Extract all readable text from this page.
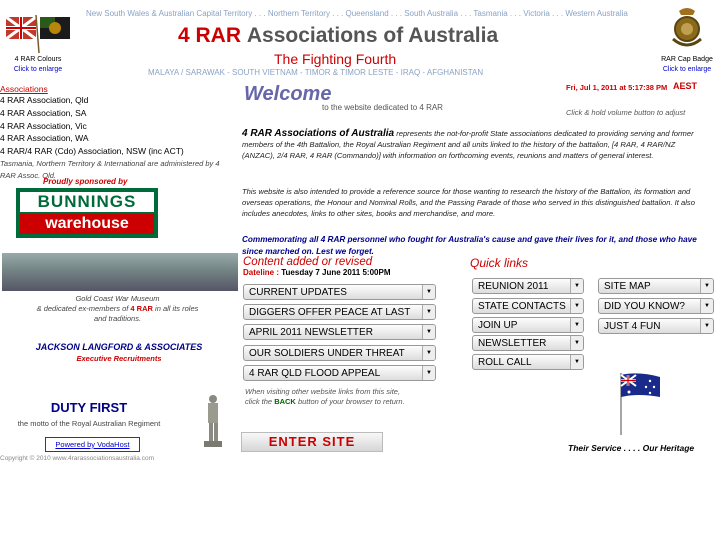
New South Wales & Australian Capital Territory . . . Northern Territory . . . Queensland . . . South Australia . . . Tasmania . . . Victoria . . . Western Australia
4 RAR Colours
Click to enlarge
4 RAR Associations of Australia
The Fighting Fourth
MALAYA / SARAWAK - SOUTH VIETNAM - TIMOR & TIMOR LESTE - IRAQ - AFGHANISTAN
RAR Cap Badge
Click to enlarge
Associations
4 RAR Association, Qld
4 RAR Association, SA
4 RAR Association, Vic
4 RAR Association, WA
4 RAR/4 RAR (Cdo) Association, NSW (inc ACT)
Tasmania, Northern Territory & International are administered by 4 RAR Assoc. Qld.
Proudly sponsored by
BUNNINGS
warehouse
Gold Coast War Museum
& dedicated ex-members of 4 RAR in all its roles
and traditions.
JACKSON LANGFORD & ASSOCIATES
Executive Recruitments
DUTY FIRST
the motto of the Royal Australian Regiment
Powered by VodaHost
Copyright © 2010 www.4rarassociationsaustralia.com
Welcome
to the website dedicated to 4 RAR
Fri, Jul 1, 2011 at 5:17:38 PM AEST
Click & hold volume button to adjust
4 RAR Associations of Australia represents the not-for-profit State associations dedicated to providing serving and former members of the 4th Battalion, the Royal Australian Regiment and all units linked to the history of the battalion, [4 RAR, 4 RAR/NZ (ANZAC), 2/4 RAR, 4 RAR (Commando)] with information on forthcoming events, reunions and matters of general interest.
This website is also intended to provide a reference source for those wanting to research the history of the Battalion, its formation and overseas operations, the Honour and Nominal Rolls, and the Passing Parade of those who served in this distinguished battalion. It also includes anecdotes, links to other sites, books and merchandise, and more.
Commemorating all 4 RAR personnel who fought for Australia's cause and gave their lives for it, and those who have since marched on. Lest we forget.
Content added or revised
Dateline : Tuesday 7 June 2011 5:00PM
CURRENT UPDATES	▼
DIGGERS OFFER PEACE AT LAST	▼
APRIL 2011 NEWSLETTER	▼
OUR SOLDIERS UNDER THREAT	▼
4 RAR QLD FLOOD APPEAL	▼
When visiting other website links from this site,
click the BACK button of your browser to return.
ENTER SITE
Quick links
REUNION 2011	▼
STATE CONTACTS	▼
JOIN UP	▼
NEWSLETTER	▼
ROLL CALL	▼
SITE MAP	▼
DID YOU KNOW?	▼
JUST 4 FUN	▼
Their Service . . . . Our Heritage
